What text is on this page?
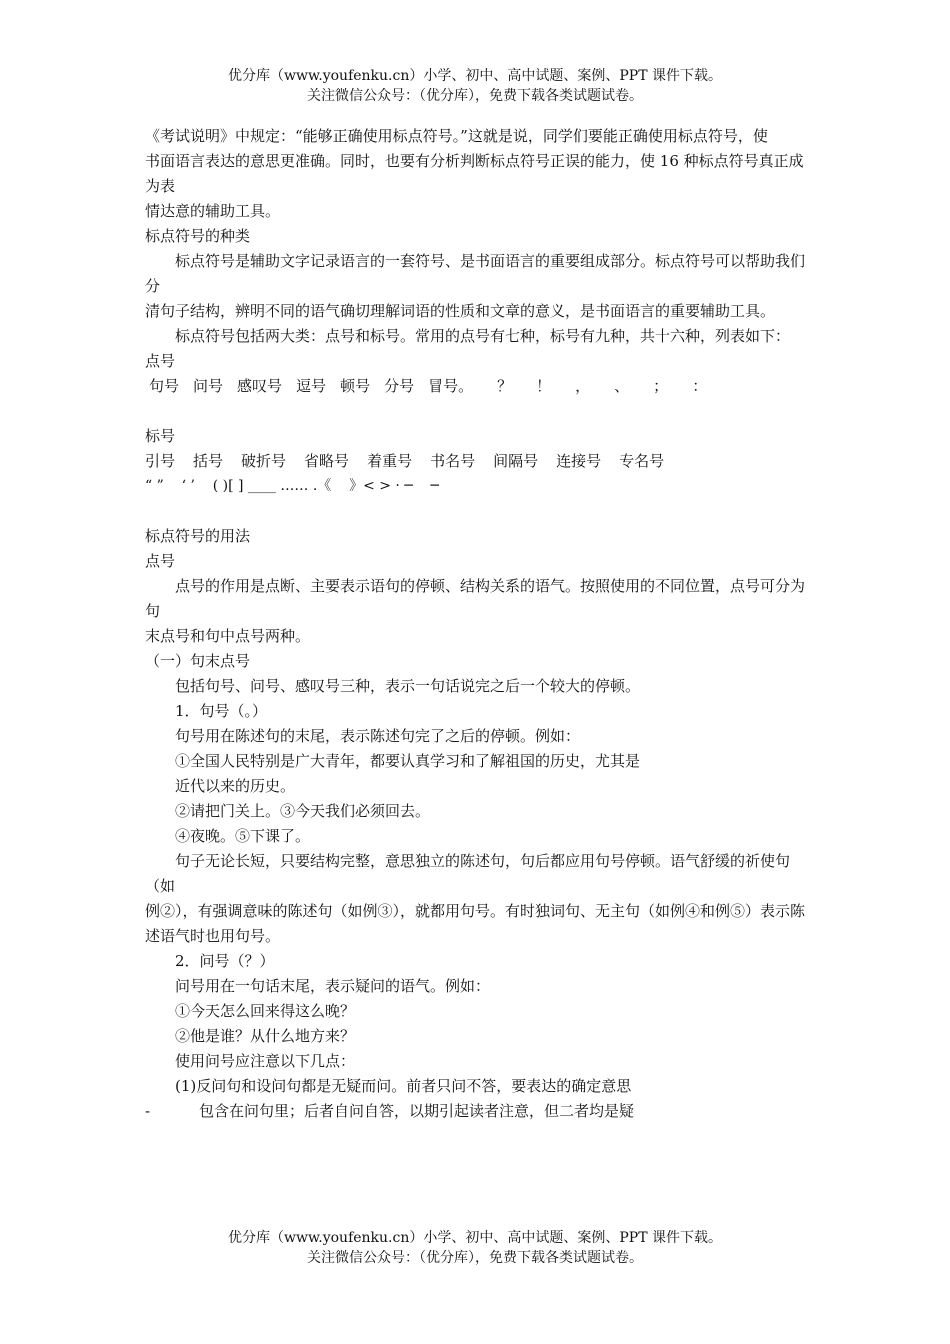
优分库（www.youfenku.cn）小学、初中、高中试题、案例、PPT 课件下载。
关注微信公众号：（优分库），免费下载各类试题试卷。

《考试说明》中规定：“能够正确使用标点符号。”这就是说，同学们要能正确使用标点符号，使

书面语言表达的意思更准确。同时，也要有分析判断标点符号正误的能力，使 16 种标点符号真正成为表

情达意的辅助工具。

标点符号的种类

标点符号是辅助文字记录语言的一套符号、是书面语言的重要组成部分。标点符号可以帮助我们分

清句子结构，辨明不同的语气确切理解词语的性质和文章的意义，是书面语言的重要辅助工具。

标点符号包括两大类：点号和标号。常用的点号有七种，标号有九种，共十六种，列表如下：

点号

句号 问号 感叹号 逗号 顿号 分号 冒号。 ？ ！ ， 、 ； ：

标号

引号 括号 破折号 省略号 着重号 书名号 间隔号 连接号 专名号

“ ”    ‘ ’    ( )[ ] ____ …… .《    》< > · ─    ─

标点符号的用法

点号

点号的作用是点断、主要表示语句的停顿、结构关系的语气。按照使用的不同位置，点号可分为句

末点号和句中点号两种。

（一）句末点号

包括句号、问号、感叹号三种，表示一句话说完之后一个较大的停顿。

1．句号（。）

句号用在陈述句的末尾，表示陈述句完了之后的停顿。例如：

①全国人民特别是广大青年，都要认真学习和了解祖国的历史，尤其是

近代以来的历史。

②请把门关上。③今天我们必须回去。

④夜晚。⑤下课了。

句子无论长短，只要结构完整，意思独立的陈述句，句后都应用句号停顿。语气舒缓的祈使句（如

例②），有强调意味的陈述句（如例③），就都用句号。有时独词句、无主句（如例④和例⑤）表示陈

述语气时也用句号。

2．问号（？）

问号用在一句话末尾，表示疑问的语气。例如：

①今天怎么回来得这么晚？

②他是谁？从什么地方来？

使用问号应注意以下几点：

(1)反问句和设问句都是无疑而问。前者只问不答，要表达的确定意思

-	包含在问句里；后者自问自答，以期引起读者注意，但二者均是疑
优分库（www.youfenku.cn）小学、初中、高中试题、案例、PPT 课件下载。
关注微信公众号：（优分库），免费下载各类试题试卷。
